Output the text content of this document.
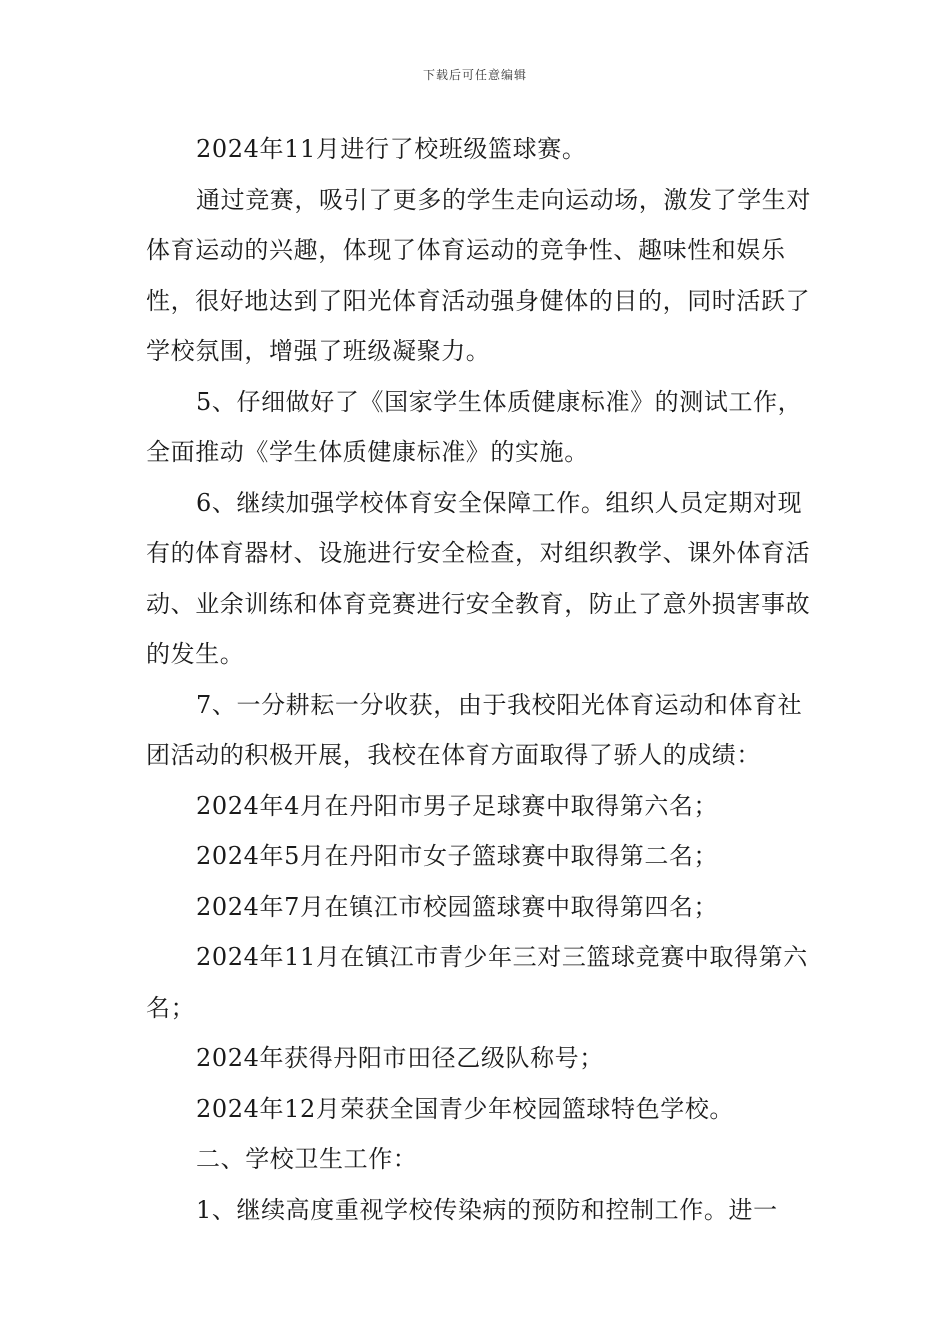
下载后可任意编辑

2024年11月进行了校班级篮球赛。

通过竞赛，吸引了更多的学生走向运动场，激发了学生对体育运动的兴趣，体现了体育运动的竞争性、趣味性和娱乐性，很好地达到了阳光体育活动强身健体的目的，同时活跃了学校氛围，增强了班级凝聚力。

5、仔细做好了《国家学生体质健康标准》的测试工作，全面推动《学生体质健康标准》的实施。

6、继续加强学校体育安全保障工作。组织人员定期对现有的体育器材、设施进行安全检查，对组织教学、课外体育活动、业余训练和体育竞赛进行安全教育，防止了意外损害事故的发生。

7、一分耕耘一分收获，由于我校阳光体育运动和体育社团活动的积极开展，我校在体育方面取得了骄人的成绩：

2024年4月在丹阳市男子足球赛中取得第六名；

2024年5月在丹阳市女子篮球赛中取得第二名；

2024年7月在镇江市校园篮球赛中取得第四名；

2024年11月在镇江市青少年三对三篮球竞赛中取得第六名；

2024年获得丹阳市田径乙级队称号；

2024年12月荣获全国青少年校园篮球特色学校。

二、学校卫生工作：

1、继续高度重视学校传染病的预防和控制工作。进一
